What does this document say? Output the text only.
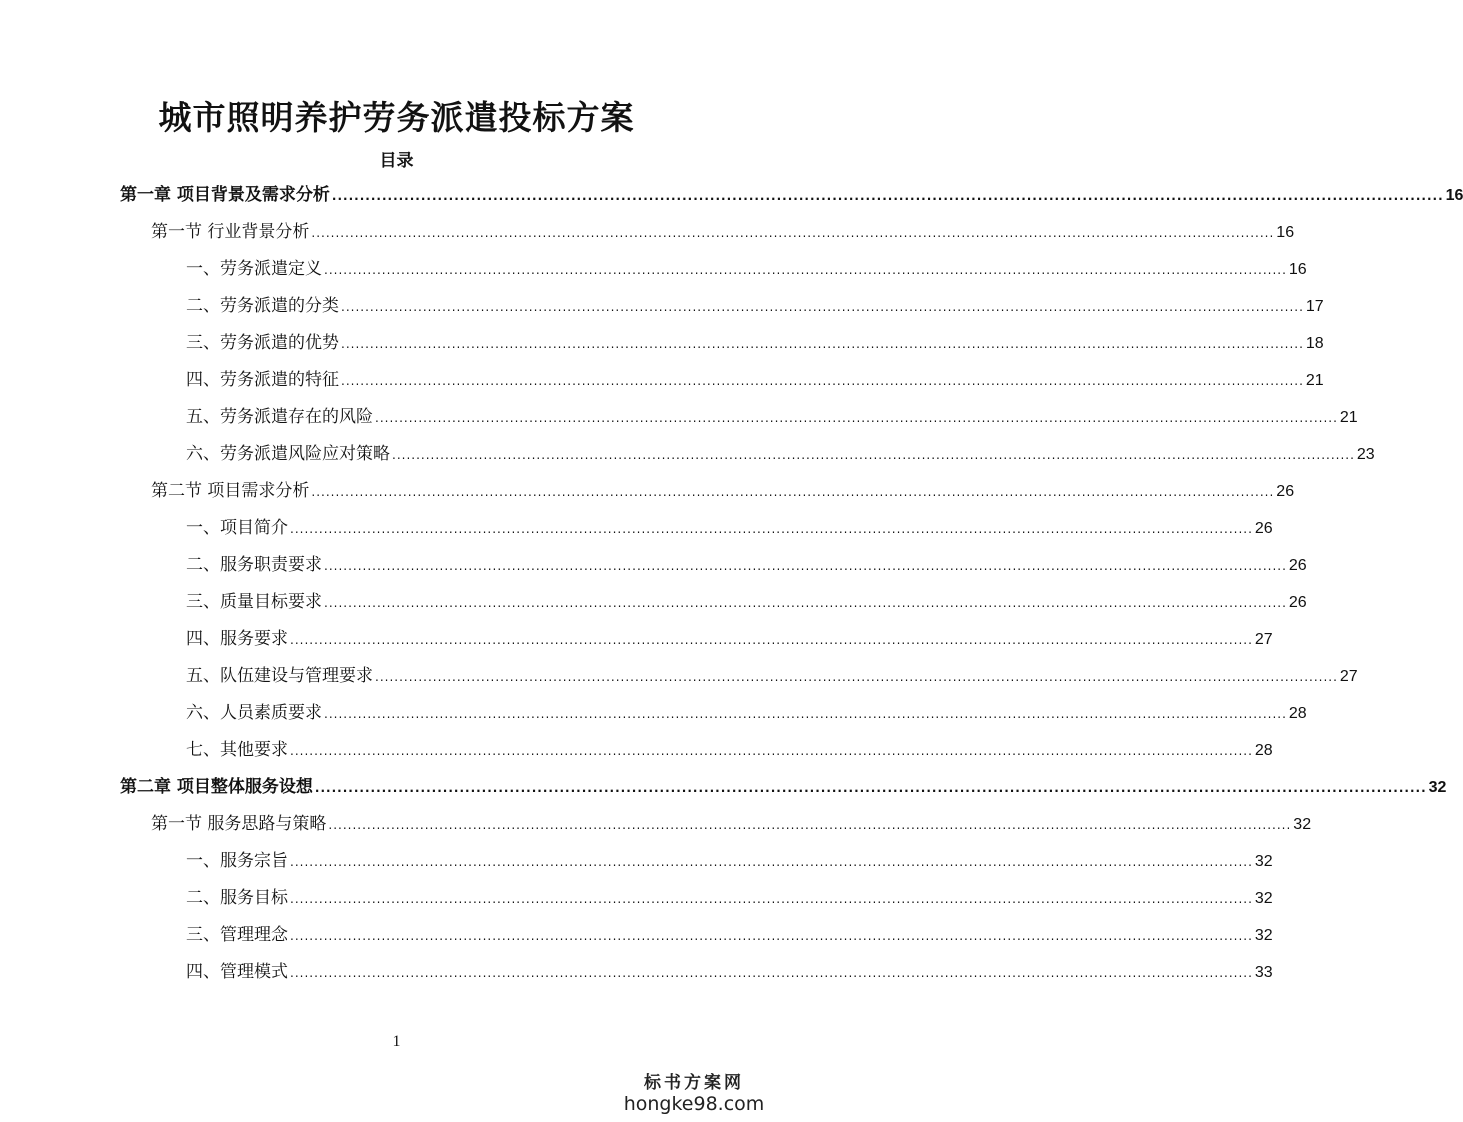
城市照明养护劳务派遣投标方案
目录
第一章 项目背景及需求分析 ........................................................................................................................................................................................................ 16
第一节 行业背景分析 ........................................................................................................................................................................................................ 16
一、劳务派遣定义 ........................................................................................................................................................................................................ 16
二、劳务派遣的分类 ........................................................................................................................................................................................................ 17
三、劳务派遣的优势 ........................................................................................................................................................................................................ 18
四、劳务派遣的特征 ........................................................................................................................................................................................................ 21
五、劳务派遣存在的风险 ........................................................................................................................................................................................................ 21
六、劳务派遣风险应对策略 ........................................................................................................................................................................................................ 23
第二节 项目需求分析 ........................................................................................................................................................................................................ 26
一、项目简介 ........................................................................................................................................................................................................ 26
二、服务职责要求 ........................................................................................................................................................................................................ 26
三、质量目标要求 ........................................................................................................................................................................................................ 26
四、服务要求 ........................................................................................................................................................................................................ 27
五、队伍建设与管理要求 ........................................................................................................................................................................................................ 27
六、人员素质要求 ........................................................................................................................................................................................................ 28
七、其他要求 ........................................................................................................................................................................................................ 28
第二章 项目整体服务设想 ........................................................................................................................................................................................................ 32
第一节 服务思路与策略 ........................................................................................................................................................................................................ 32
一、服务宗旨 ........................................................................................................................................................................................................ 32
二、服务目标 ........................................................................................................................................................................................................ 32
三、管理理念 ........................................................................................................................................................................................................ 32
四、管理模式 ........................................................................................................................................................................................................ 33
1
标书方案网
hongke98.com
